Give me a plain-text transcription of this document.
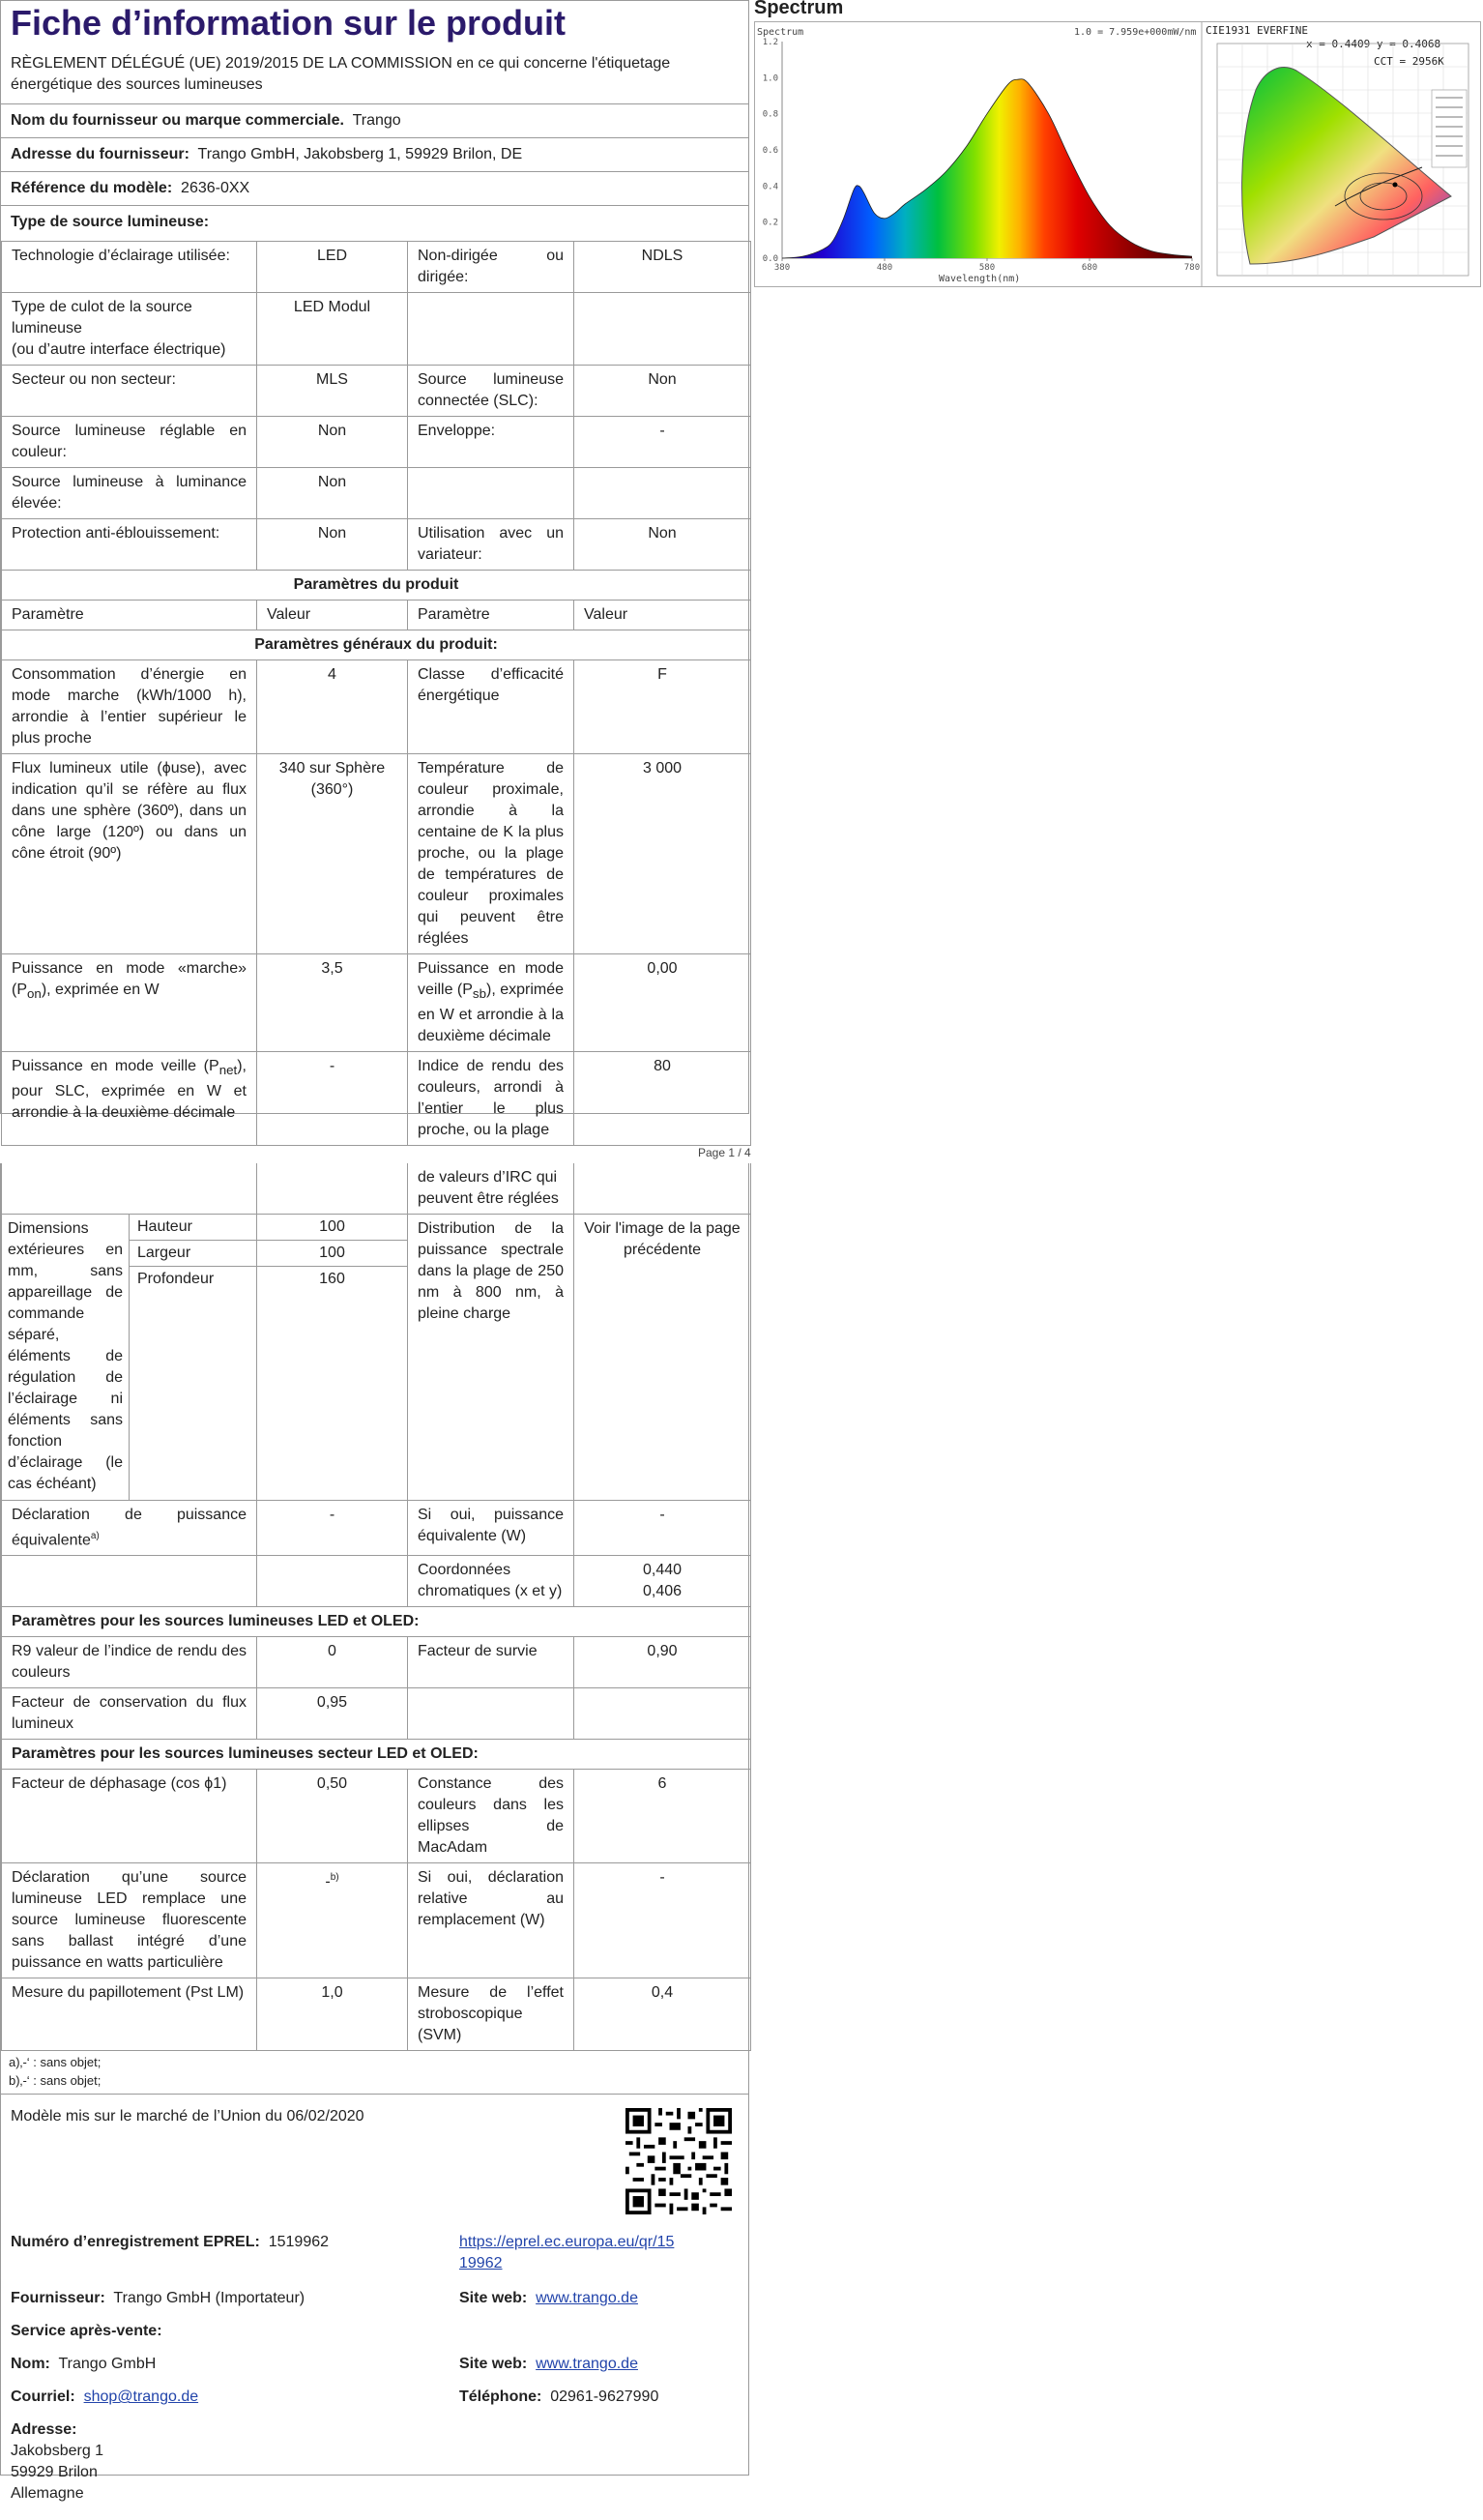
Fiche d’information sur le produit
RÈGLEMENT DÉLÉGUÉ (UE) 2019/2015 DE LA COMMISSION en ce qui concerne l'étiquetage énergétique des sources lumineuses
Nom du fournisseur ou marque commerciale. Trango
Adresse du fournisseur: Trango GmbH, Jakobsberg 1, 59929 Brilon, DE
Référence du modèle: 2636-0XX
Type de source lumineuse:
Technologie d’éclairage utilisée:	LED	Non-dirigée ou dirigée:	NDLS

Type de culot de la source lumineuse
(ou d’autre interface électrique)	LED Modul		
Secteur ou non secteur:	MLS	Source lumineuse connectée (SLC):	Non
Source lumineuse réglable en couleur:	Non	Enveloppe:	-
Source lumineuse à luminance élevée:	Non		
Protection anti-éblouissement:	Non	Utilisation avec un variateur:	Non
Paramètres du produit			
Paramètre	Valeur	Paramètre	Valeur
Paramètres généraux du produit:			
Consommation d’énergie en mode marche (kWh/1000 h), arrondie à l’entier supérieur le plus proche	4	Classe d’efficacité énergétique	F
Flux lumineux utile (ϕuse), avec indication qu’il se réfère au flux dans une sphère (360º), dans un cône large (120º) ou dans un cône étroit (90º)	340 sur Sphère (360°)	Température de couleur proximale, arrondie à la centaine de K la plus proche, ou la plage de températures de couleur proximales qui peuvent être réglées	3 000
Puissance en mode «marche» $(P_{on})$, exprimée en W	3,5	Puissance en mode veille $(P_{sb})$, exprimée en W et arrondie à la deuxième décimale	0,00
Puissance en mode veille $(P_{net})$, pour SLC, exprimée en W et arrondie à la deuxième décimale	-	Indice de rendu des couleurs, arrondi à l’entier le plus proche, ou la plage	80
Page 1 / 4
Spectrum
Spectrum	1.0 = 7.959e+000mW/nm
0.0
0.2
0.4
0.6
0.8
1.0
1.2
380	480	580	680	780
Wavelength(nm)
CIE1931 EVERFINE
x = 0.4409 y = 0.4068
CCT = 2956K
			de valeurs d’IRC qui peuvent être réglées	
Dimensions extérieures en mm, sans appareillage de commande séparé, éléments de régulation de l’éclairage ni éléments sans fonction d’éclairage (le cas échéant)	Hauteur	100	Distribution de la puissance spectrale dans la plage de 250 nm à 800 nm, à pleine charge	Voir l'image de la page précédente
	Largeur	100		
	Profondeur	160		
Déclaration de puissance équivalente$^{a)}$		-	Si oui, puissance équivalente (W)	-
			Coordonnées chromatiques (x et y)	0,440
0,406

Paramètres pour les sources lumineuses LED et OLED:				
R9 valeur de l’indice de rendu des couleurs		0	Facteur de survie	0,90
Facteur de conservation du flux lumineux		0,95		
Paramètres pour les sources lumineuses secteur LED et OLED:				
Facteur de déphasage (cos ϕ1)		0,50	Constance des couleurs dans les ellipses de MacAdam	6
Déclaration qu’une source lumineuse LED remplace une source lumineuse fluorescente sans ballast intégré d’une puissance en watts particulière		-$^{b)}$	Si oui, déclaration relative au remplacement (W)	-
Mesure du papillotement (Pst LM)		1,0	Mesure de l’effet stroboscopique (SVM)	0,4
a)‚-‘ : sans objet;
b)‚-‘ : sans objet;
Modèle mis sur le marché de l’Union du 06/02/2020
Numéro d’enregistrement EPREL: 1519962	https://eprel.ec.europa.eu/qr/15
19962
Fournisseur: Trango GmbH (Importateur)	Site web: www.trango.de
Service après-vente:
Nom: Trango GmbH	Site web: www.trango.de
Courriel: shop@trango.de	Téléphone: 02961-9627990
Adresse:
Jakobsberg 1
59929 Brilon
Allemagne
